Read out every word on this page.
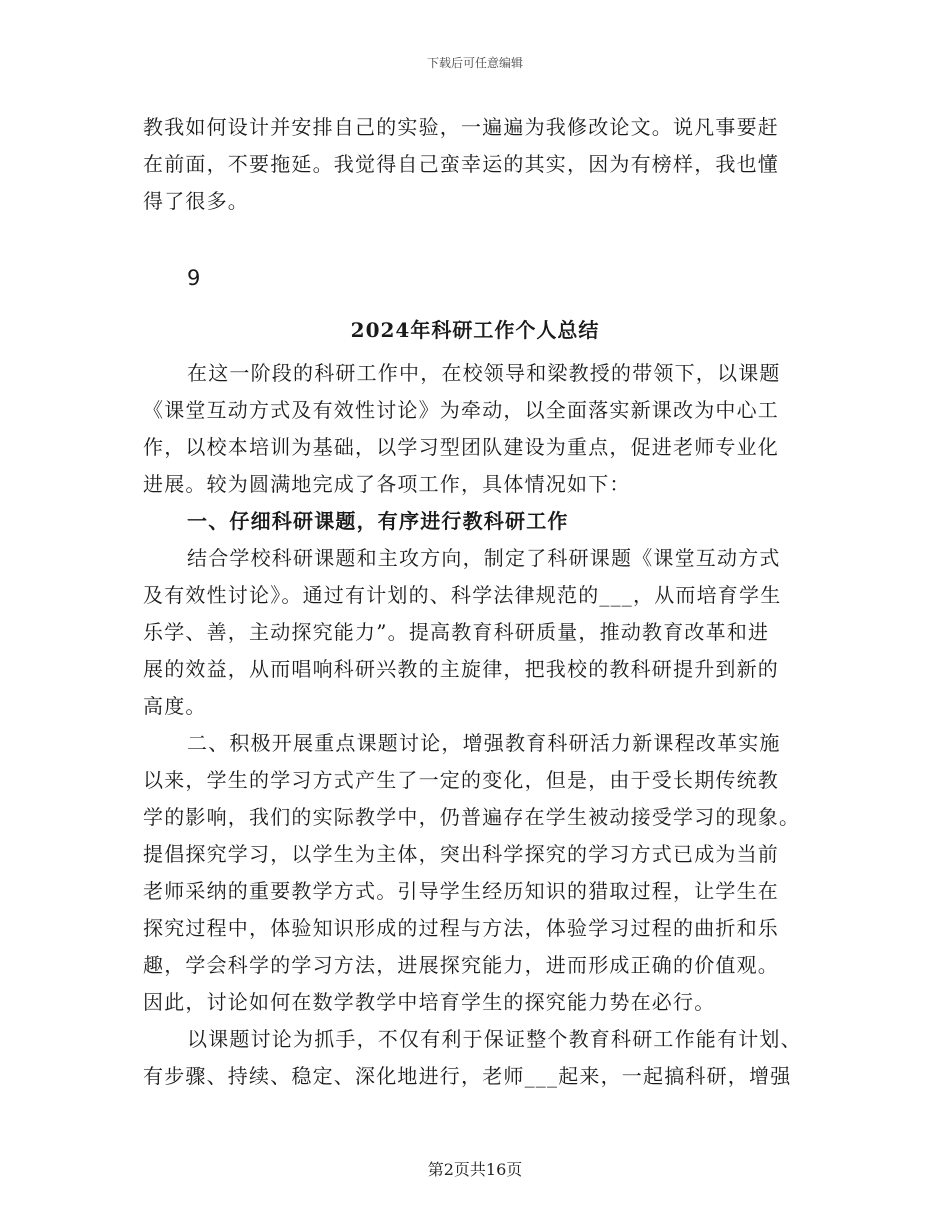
下载后可任意编辑
教我如何设计并安排自己的实验，一遍遍为我修改论文。说凡事要赶
在前面，不要拖延。我觉得自己蛮幸运的其实，因为有榜样，我也懂
得了很多。
9
2024年科研工作个人总结
在这一阶段的科研工作中，在校领导和梁教授的带领下，以课题
《课堂互动方式及有效性讨论》为牵动，以全面落实新课改为中心工
作，以校本培训为基础，以学习型团队建设为重点，促进老师专业化
进展。较为圆满地完成了各项工作，具体情况如下：
一、仔细科研课题，有序进行教科研工作
结合学校科研课题和主攻方向，制定了科研课题《课堂互动方式
及有效性讨论》。通过有计划的、科学法律规范的___，从而培育学生
乐学、善，主动探究能力”。提高教育科研质量，推动教育改革和进
展的效益，从而唱响科研兴教的主旋律，把我校的教科研提升到新的
高度。
二、积极开展重点课题讨论，增强教育科研活力新课程改革实施
以来，学生的学习方式产生了一定的变化，但是，由于受长期传统教
学的影响，我们的实际教学中，仍普遍存在学生被动接受学习的现象。
提倡探究学习，以学生为主体，突出科学探究的学习方式已成为当前
老师采纳的重要教学方式。引导学生经历知识的猎取过程，让学生在
探究过程中，体验知识形成的过程与方法，体验学习过程的曲折和乐
趣，学会科学的学习方法，进展探究能力，进而形成正确的价值观。
因此，讨论如何在数学教学中培育学生的探究能力势在必行。
以课题讨论为抓手，不仅有利于保证整个教育科研工作能有计划、
有步骤、持续、稳定、深化地进行，老师___起来，一起搞科研，增强
第2页共16页
